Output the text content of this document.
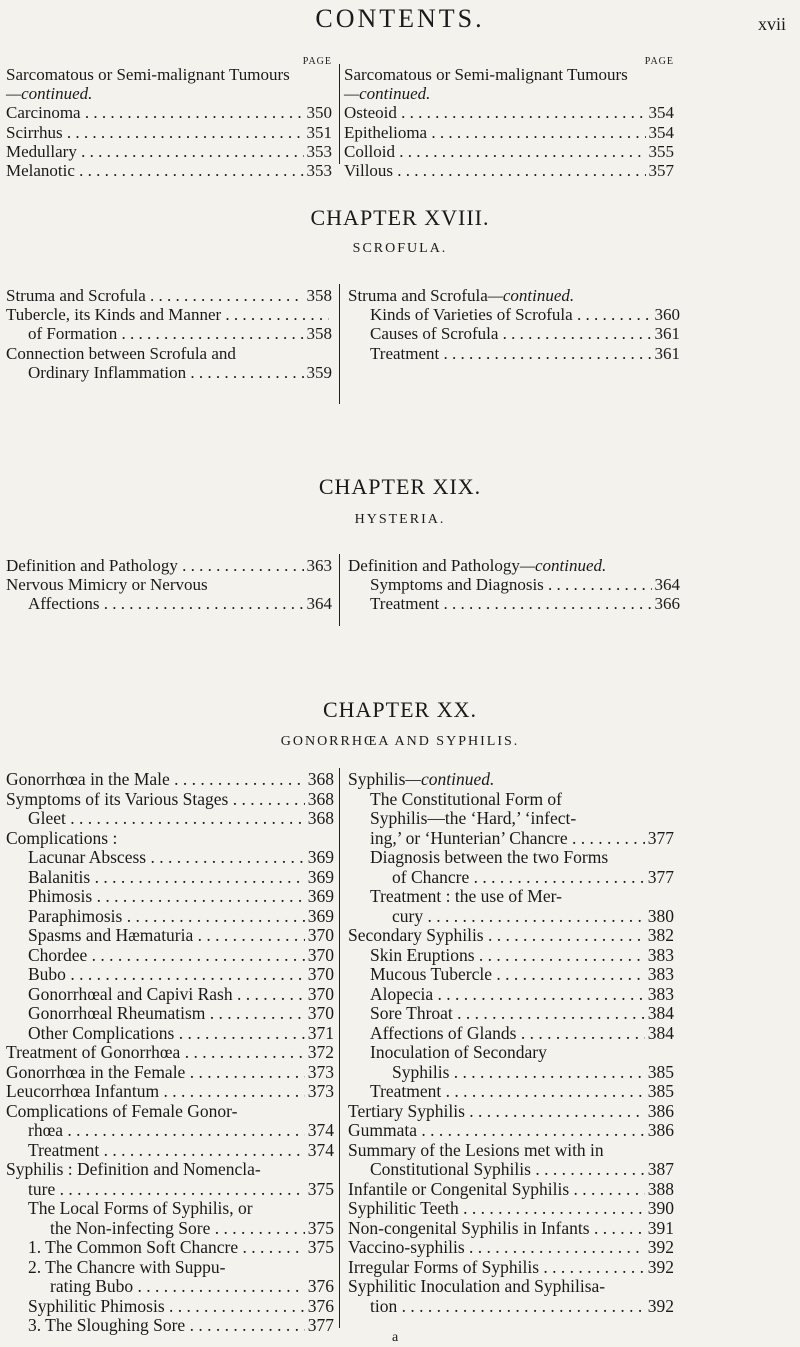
CONTENTS.	xvii
PAGE
Sarcomatous or Semi-malignant Tumours
—continued.
Carcinoma . . .	350
Scirrhus . . .	351
Medullary . . .	353
Melanotic . . .	353
PAGE
Sarcomatous or Semi-malignant Tumours
—continued.
Osteoid . . .	354
Epithelioma . . .	354
Colloid . . .	355
Villous . . .	357
CHAPTER XVIII.
SCROFULA.
Struma and Scrofula . . .	358
Tubercle, its Kinds and Manner . . .
of Formation . . .	358
Connection between Scrofula and
Ordinary Inflammation . . .	359
Struma and Scrofula—continued.
Kinds of Varieties of Scrofula . . .	360
Causes of Scrofula . . .	361
Treatment . . .	361
CHAPTER XIX.
HYSTERIA.
Definition and Pathology . . .	363
Nervous Mimicry or Nervous
Affections . . .	364
Definition and Pathology—continued.
Symptoms and Diagnosis . . .	364
Treatment . . .	366
CHAPTER XX.
GONORRHŒA AND SYPHILIS.
Gonorrhœa in the Male . . .	368
Symptoms of its Various Stages . . .	368
Gleet . . .	368
Complications :
Lacunar Abscess . . .	369
Balanitis . . .	369
Phimosis . . .	369
Paraphimosis . . .	369
Spasms and Hæmaturia . . .	370
Chordee . . .	370
Bubo . . .	370
Gonorrhœal and Capivi Rash . . .	370
Gonorrhœal Rheumatism . . .	370
Other Complications . . .	371
Treatment of Gonorrhœa . . .	372
Gonorrhœa in the Female . . .	373
Leucorrhœa Infantum . . .	373
Complications of Female Gonor-
rhœa . . .	374
Treatment . . .	374
Syphilis : Definition and Nomencla-
ture . . .	375
The Local Forms of Syphilis, or
the Non-infecting Sore . . .	375
1. The Common Soft Chancre . . .	375
2. The Chancre with Suppu-
rating Bubo . . .	376
Syphilitic Phimosis . . .	376
3. The Sloughing Sore . . .	377
Syphilis—continued.
The Constitutional Form of
Syphilis—the ‘Hard,’ ‘infect-
ing,’ or ‘Hunterian’ Chancre . . .	377
Diagnosis between the two Forms
of Chancre . . .	377
Treatment : the use of Mer-
cury . . .	380
Secondary Syphilis . . .	382
Skin Eruptions . . .	383
Mucous Tubercle . . .	383
Alopecia . . .	383
Sore Throat . . .	384
Affections of Glands . . .	384
Inoculation of Secondary
Syphilis . . .	385
Treatment . . .	385
Tertiary Syphilis . . .	386
Gummata . . .	386
Summary of the Lesions met with in
Constitutional Syphilis . . .	387
Infantile or Congenital Syphilis . . .	388
Syphilitic Teeth . . .	390
Non-congenital Syphilis in Infants . . .	391
Vaccino-syphilis . . .	392
Irregular Forms of Syphilis . . .	392
Syphilitic Inoculation and Syphilisa-
tion . . .	392
a
